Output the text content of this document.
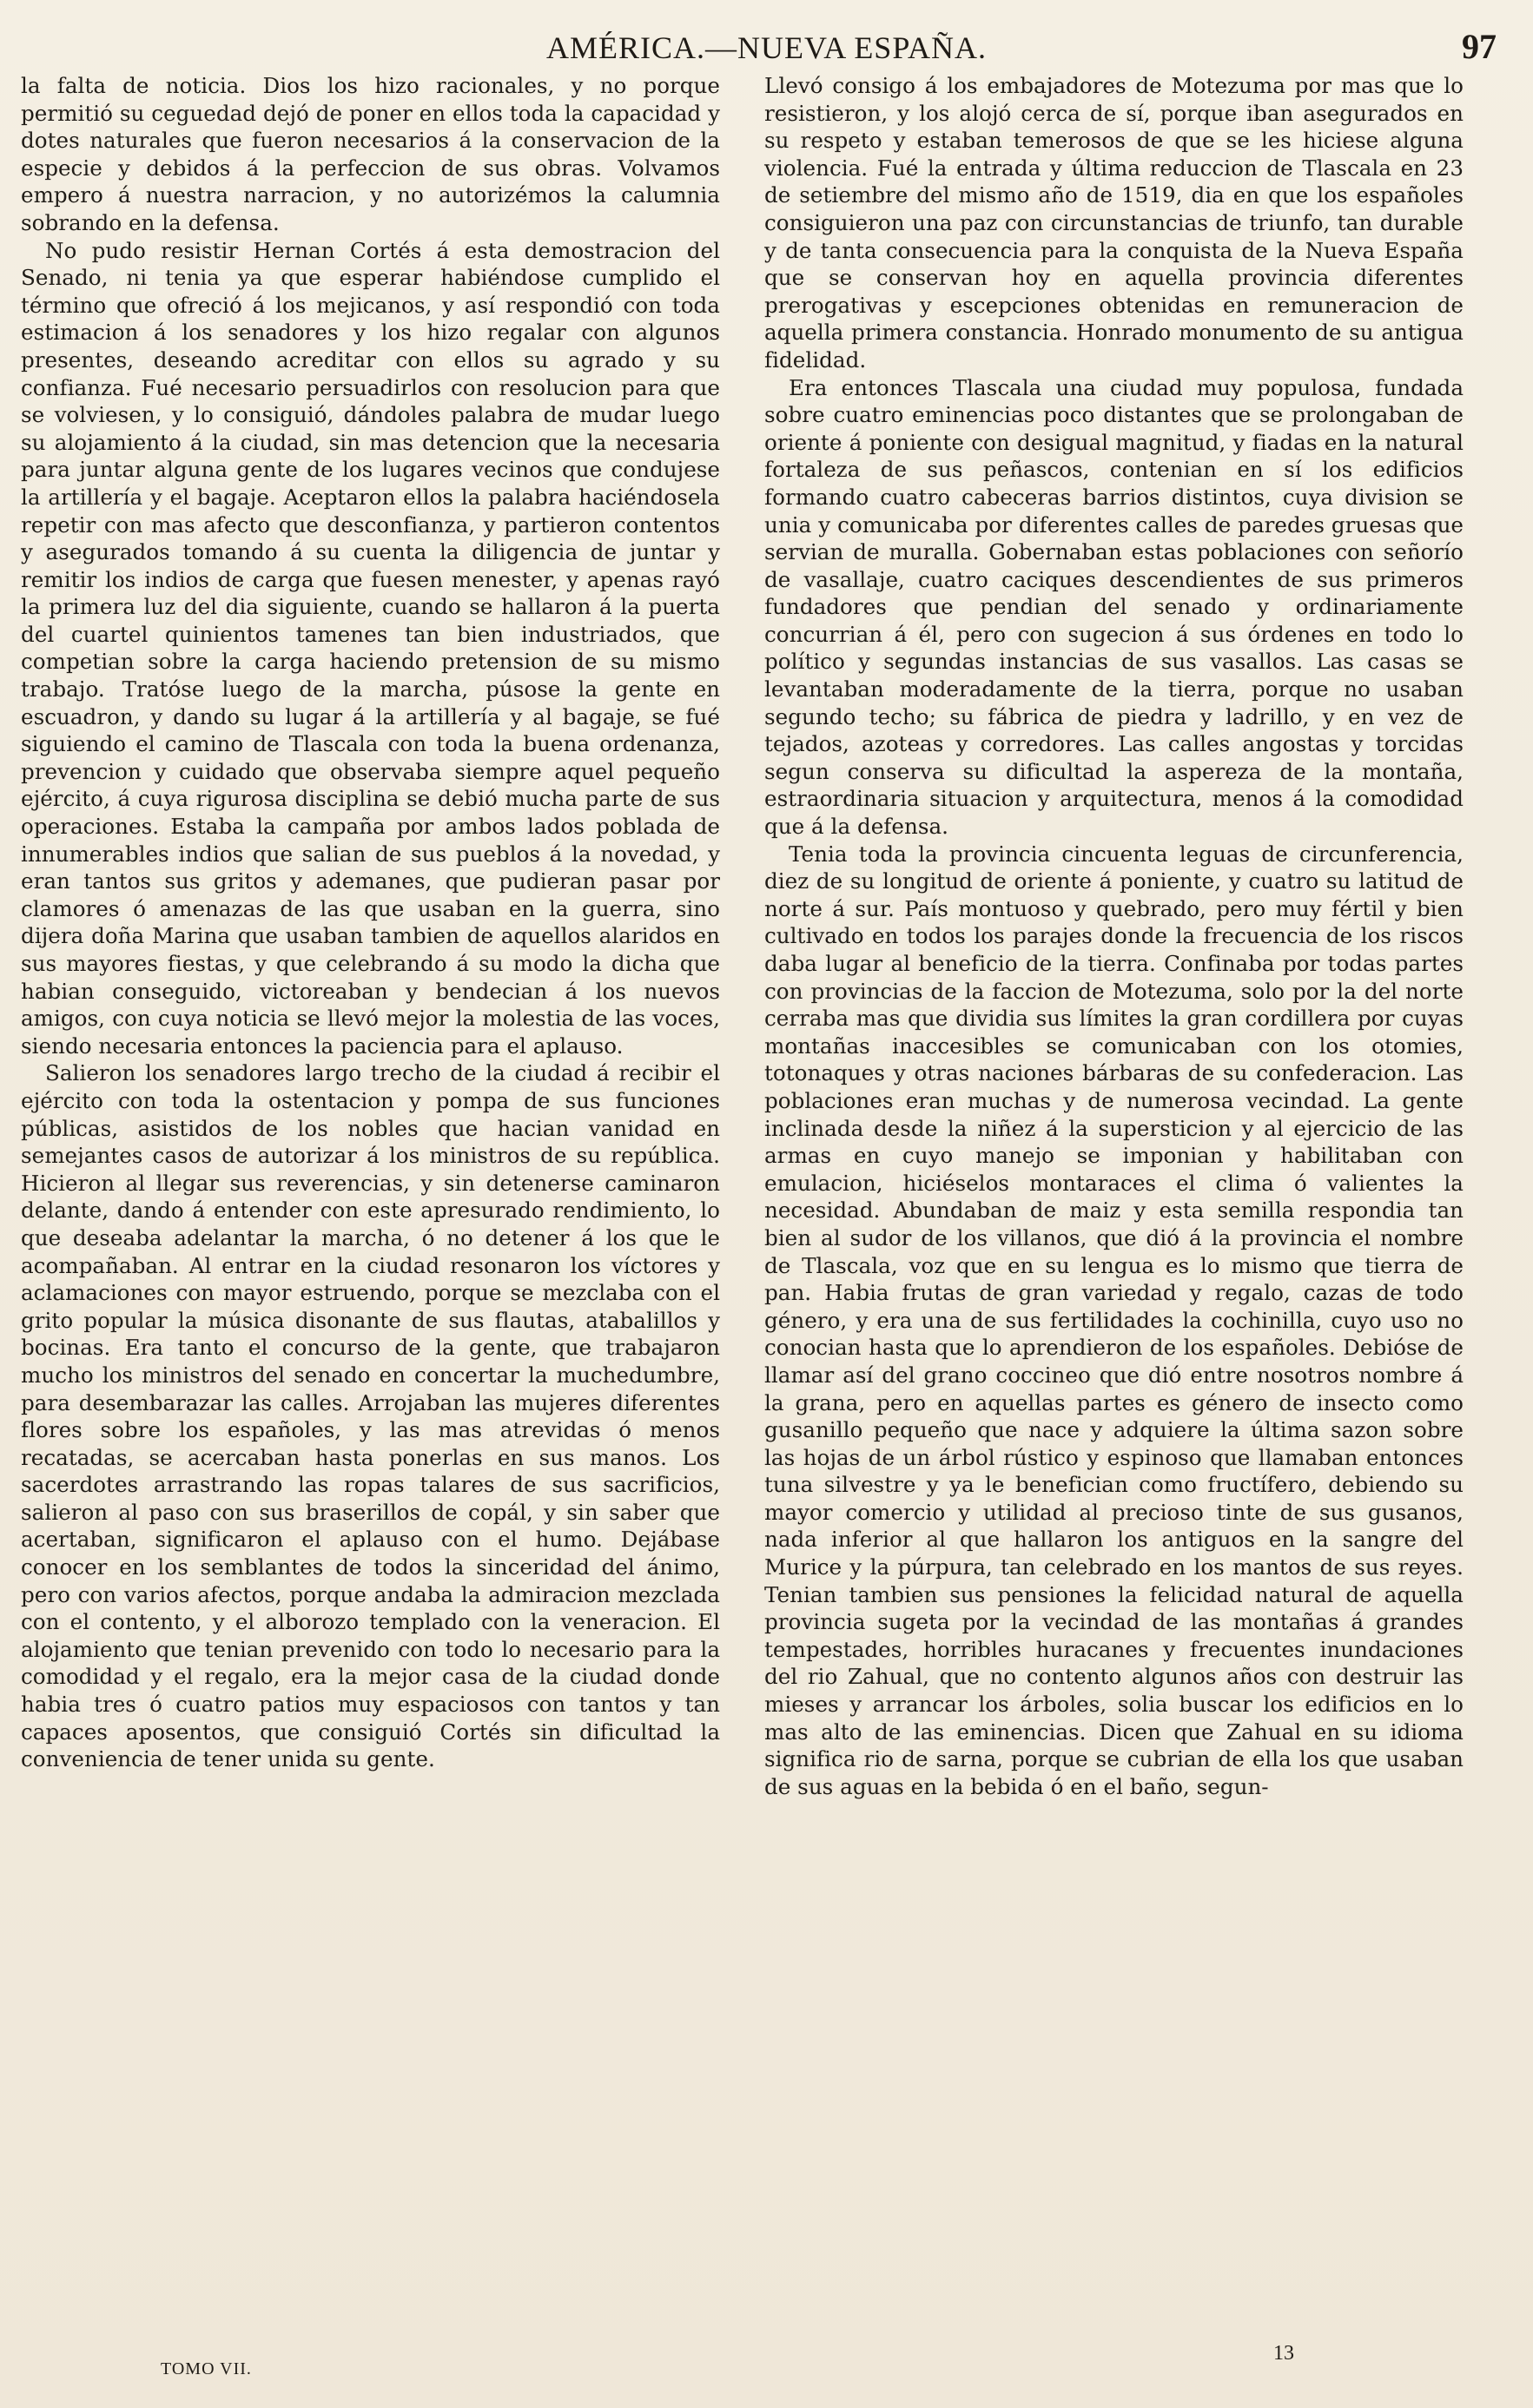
AMÉRICA.—NUEVA ESPAÑA.	97

la falta de noticia. Dios los hizo racionales, y no porque permitió su ceguedad dejó de poner en ellos toda la capacidad y dotes naturales que fueron necesarios á la conservacion de la especie y debidos á la perfeccion de sus obras. Volvamos empero á nuestra narracion, y no autorizémos la calumnia sobrando en la defensa.

No pudo resistir Hernan Cortés á esta demostracion del Senado, ni tenia ya que esperar habiéndose cumplido el término que ofreció á los mejicanos, y así respondió con toda estimacion á los senadores y los hizo regalar con algunos presentes, deseando acreditar con ellos su agrado y su confianza. Fué necesario persuadirlos con resolucion para que se volviesen, y lo consiguió, dándoles palabra de mudar luego su alojamiento á la ciudad, sin mas detencion que la necesaria para juntar alguna gente de los lugares vecinos que condujese la artillería y el bagaje. Aceptaron ellos la palabra haciéndosela repetir con mas afecto que desconfianza, y partieron contentos y asegurados tomando á su cuenta la diligencia de juntar y remitir los indios de carga que fuesen menester, y apenas rayó la primera luz del dia siguiente, cuando se hallaron á la puerta del cuartel quinientos tamenes tan bien industriados, que competian sobre la carga haciendo pretension de su mismo trabajo. Tratóse luego de la marcha, púsose la gente en escuadron, y dando su lugar á la artillería y al bagaje, se fué siguiendo el camino de Tlascala con toda la buena ordenanza, prevencion y cuidado que observaba siempre aquel pequeño ejército, á cuya rigurosa disciplina se debió mucha parte de sus operaciones. Estaba la campaña por ambos lados poblada de innumerables indios que salian de sus pueblos á la novedad, y eran tantos sus gritos y ademanes, que pudieran pasar por clamores ó amenazas de las que usaban en la guerra, sino dijera doña Marina que usaban tambien de aquellos alaridos en sus mayores fiestas, y que celebrando á su modo la dicha que habian conseguido, victoreaban y bendecian á los nuevos amigos, con cuya noticia se llevó mejor la molestia de las voces, siendo necesaria entonces la paciencia para el aplauso.

Salieron los senadores largo trecho de la ciudad á recibir el ejército con toda la ostentacion y pompa de sus funciones públicas, asistidos de los nobles que hacian vanidad en semejantes casos de autorizar á los ministros de su república. Hicieron al llegar sus reverencias, y sin detenerse caminaron delante, dando á entender con este apresurado rendimiento, lo que deseaba adelantar la marcha, ó no detener á los que le acompañaban. Al entrar en la ciudad resonaron los víctores y aclamaciones con mayor estruendo, porque se mezclaba con el grito popular la música disonante de sus flautas, atabalillos y bocinas. Era tanto el concurso de la gente, que trabajaron mucho los ministros del senado en concertar la muchedumbre, para desembarazar las calles. Arrojaban las mujeres diferentes flores sobre los españoles, y las mas atrevidas ó menos recatadas, se acercaban hasta ponerlas en sus manos. Los sacerdotes arrastrando las ropas talares de sus sacrificios, salieron al paso con sus braserillos de copál, y sin saber que acertaban, significaron el aplauso con el humo. Dejábase conocer en los semblantes de todos la sinceridad del ánimo, pero con varios afectos, porque andaba la admiracion mezclada con el contento, y el alborozo templado con la veneracion. El alojamiento que tenian prevenido con todo lo necesario para la comodidad y el regalo, era la mejor casa de la ciudad donde habia tres ó cuatro patios muy espaciosos con tantos y tan capaces aposentos, que consiguió Cortés sin dificultad la conveniencia de tener unida su gente.

Llevó consigo á los embajadores de Motezuma por mas que lo resistieron, y los alojó cerca de sí, porque iban asegurados en su respeto y estaban temerosos de que se les hiciese alguna violencia. Fué la entrada y última reduccion de Tlascala en 23 de setiembre del mismo año de 1519, dia en que los españoles consiguieron una paz con circunstancias de triunfo, tan durable y de tanta consecuencia para la conquista de la Nueva España que se conservan hoy en aquella provincia diferentes prerogativas y escepciones obtenidas en remuneracion de aquella primera constancia. Honrado monumento de su antigua fidelidad.

Era entonces Tlascala una ciudad muy populosa, fundada sobre cuatro eminencias poco distantes que se prolongaban de oriente á poniente con desigual magnitud, y fiadas en la natural fortaleza de sus peñascos, contenian en sí los edificios formando cuatro cabeceras barrios distintos, cuya division se unia y comunicaba por diferentes calles de paredes gruesas que servian de muralla. Gobernaban estas poblaciones con señorío de vasallaje, cuatro caciques descendientes de sus primeros fundadores que pendian del senado y ordinariamente concurrian á él, pero con sugecion á sus órdenes en todo lo político y segundas instancias de sus vasallos. Las casas se levantaban moderadamente de la tierra, porque no usaban segundo techo; su fábrica de piedra y ladrillo, y en vez de tejados, azoteas y corredores. Las calles angostas y torcidas segun conserva su dificultad la aspereza de la montaña, estraordinaria situacion y arquitectura, menos á la comodidad que á la defensa.

Tenia toda la provincia cincuenta leguas de circunferencia, diez de su longitud de oriente á poniente, y cuatro su latitud de norte á sur. País montuoso y quebrado, pero muy fértil y bien cultivado en todos los parajes donde la frecuencia de los riscos daba lugar al beneficio de la tierra. Confinaba por todas partes con provincias de la faccion de Motezuma, solo por la del norte cerraba mas que dividia sus límites la gran cordillera por cuyas montañas inaccesibles se comunicaban con los otomies, totonaques y otras naciones bárbaras de su confederacion. Las poblaciones eran muchas y de numerosa vecindad. La gente inclinada desde la niñez á la supersticion y al ejercicio de las armas en cuyo manejo se imponian y habilitaban con emulacion, hiciéselos montaraces el clima ó valientes la necesidad. Abundaban de maiz y esta semilla respondia tan bien al sudor de los villanos, que dió á la provincia el nombre de Tlascala, voz que en su lengua es lo mismo que tierra de pan. Habia frutas de gran variedad y regalo, cazas de todo género, y era una de sus fertilidades la cochinilla, cuyo uso no conocian hasta que lo aprendieron de los españoles. Debióse de llamar así del grano coccineo que dió entre nosotros nombre á la grana, pero en aquellas partes es género de insecto como gusanillo pequeño que nace y adquiere la última sazon sobre las hojas de un árbol rústico y espinoso que llamaban entonces tuna silvestre y ya le benefician como fructífero, debiendo su mayor comercio y utilidad al precioso tinte de sus gusanos, nada inferior al que hallaron los antiguos en la sangre del Murice y la púrpura, tan celebrado en los mantos de sus reyes. Tenian tambien sus pensiones la felicidad natural de aquella provincia sugeta por la vecindad de las montañas á grandes tempestades, horribles huracanes y frecuentes inundaciones del rio Zahual, que no contento algunos años con destruir las mieses y arrancar los árboles, solia buscar los edificios en lo mas alto de las eminencias. Dicen que Zahual en su idioma significa rio de sarna, porque se cubrian de ella los que usaban de sus aguas en la bebida ó en el baño, segun-

TOMO VII.
13
